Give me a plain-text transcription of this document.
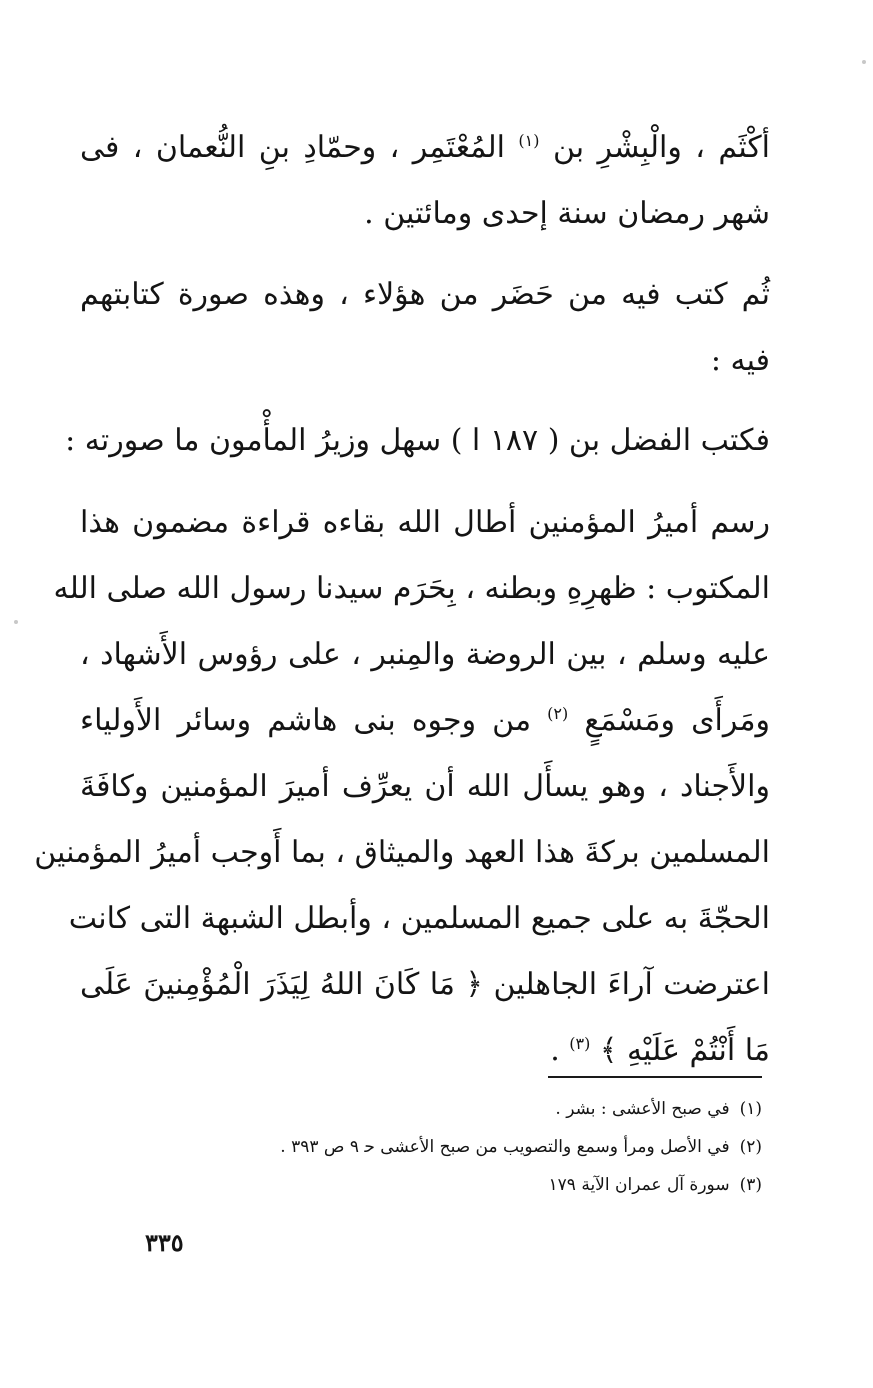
أكْثَم ، والْبِشْرِ بن $^{(١)}$ المُعْتَمِر ، وحمّادِ بنِ النُّعمان ، فى
شهر رمضان سنة إحدى ومائتين .
ثُم كتب فيه من حَضَر من هؤلاء ، وهذه صورة كتابتهم
فيه :
فكتب الفضل بن ( ١٨٧ ا ) سهل وزيرُ المأْمون ما صورته :
رسم أميرُ المؤمنين أطال الله بقاءه قراءة مضمون هذا
المكتوب : ظهرِهِ وبطنه ، بِحَرَم سيدنا رسول الله صلى الله
عليه وسلم ، بين الروضة والمِنبر ، على رؤوس الأَشهاد ،
ومَرأَى ومَسْمَعٍ $^{(٢)}$ من وجوه بنى هاشم وسائر الأَولياء
والأَجناد ، وهو يسأَل الله أن يعرِّف أميرَ المؤمنين وكافَةَ
المسلمين بركةَ هذا العهد والميثاق ، بما أَوجب أميرُ المؤمنين
الحجّةَ به على جميع المسلمين ، وأبطل الشبهة التى كانت
اعترضت آراءَ الجاهلين ﴿ مَا كَانَ اللهُ لِيَذَرَ الْمُؤْمِنينَ عَلَى
مَا أَنْتُمْ عَلَيْهِ ﴾ $^{(٣)}$ .
(١)في صبح الأعشى : بشر .
(٢)في الأصل ومرأ وسمع والتصويب من صبح الأعشى ﺣ ٩ ص ٣٩٣ .
(٣)سورة آل عمران الآية ١٧٩
٣٣٥
